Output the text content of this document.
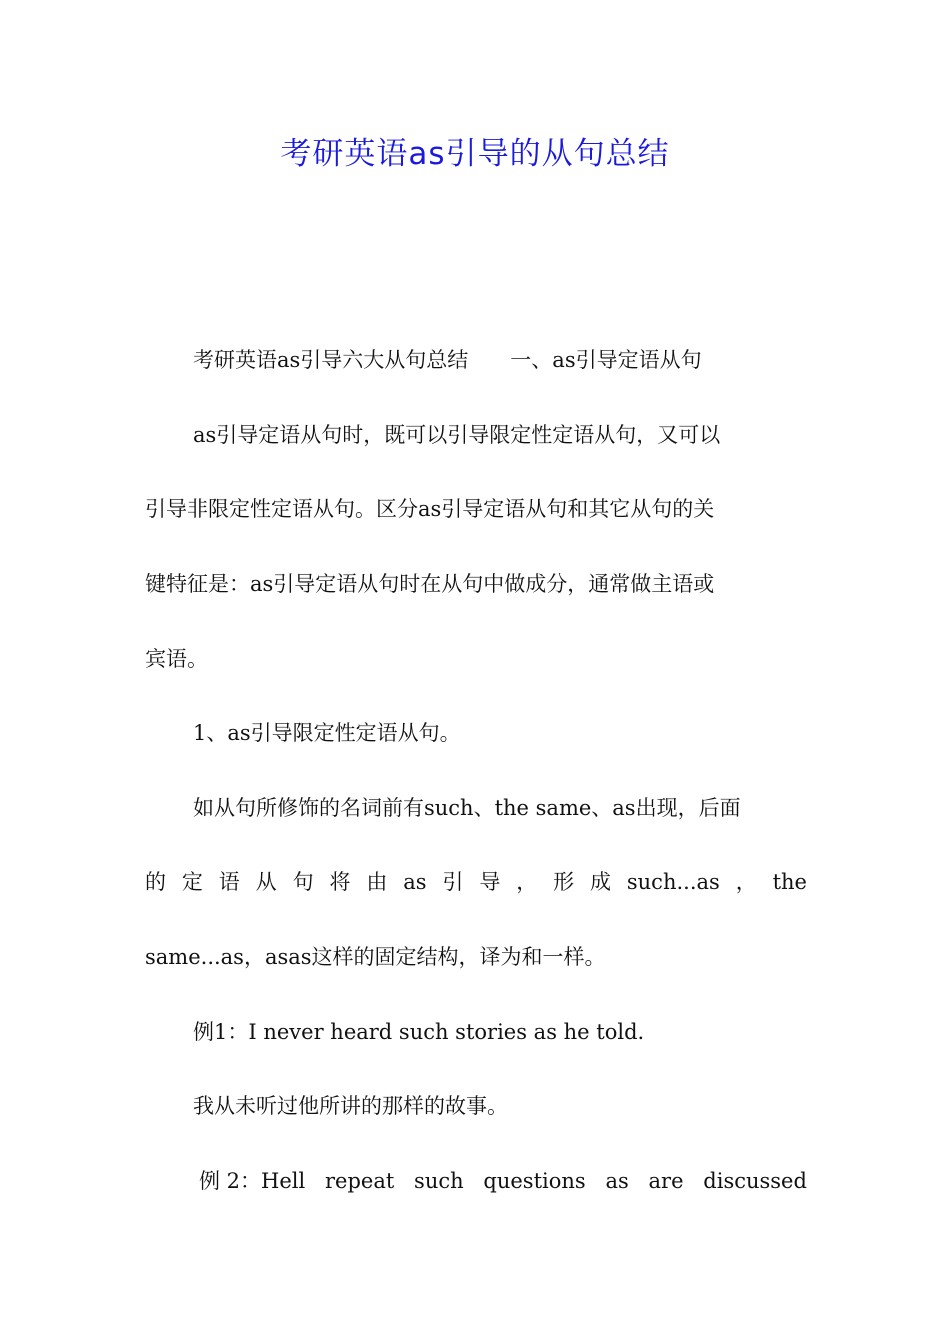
考研英语as引导的从句总结
考研英语as引导六大从句总结　　一、as引导定语从句
as引导定语从句时，既可以引导限定性定语从句，又可以
引导非限定性定语从句。区分as引导定语从句和其它从句的关
键特征是：as引导定语从句时在从句中做成分，通常做主语或
宾语。
1、as引导限定性定语从句。
如从句所修饰的名词前有such、the same、as出现，后面
的 定 语 从 句 将 由 as 引 导 ， 形 成 such...as ， the
same...as，asas这样的固定结构，译为和一样。
例1：I never heard such stories as he told.
我从未听过他所讲的那样的故事。
例 2：Hell repeat such questions as are discussed
